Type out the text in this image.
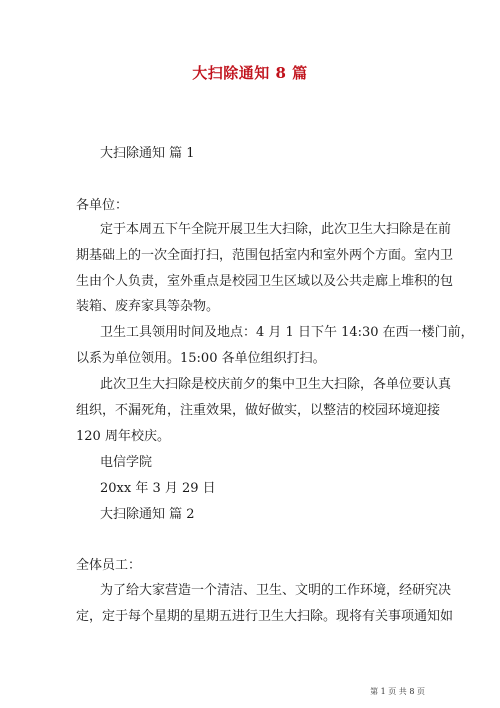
大扫除通知 8 篇
大扫除通知 篇 1
各单位：
定于本周五下午全院开展卫生大扫除，此次卫生大扫除是在前
期基础上的一次全面打扫，范围包括室内和室外两个方面。室内卫
生由个人负责，室外重点是校园卫生区域以及公共走廊上堆积的包
装箱、废弃家具等杂物。
卫生工具领用时间及地点：4 月 1 日下午 14:30 在西一楼门前，
以系为单位领用。15:00 各单位组织打扫。
此次卫生大扫除是校庆前夕的集中卫生大扫除，各单位要认真
组织，不漏死角，注重效果，做好做实，以整洁的校园环境迎接
120 周年校庆。
电信学院
20xx 年 3 月 29 日
大扫除通知 篇 2
全体员工：
为了给大家营造一个清洁、卫生、文明的工作环境，经研究决
定，定于每个星期的星期五进行卫生大扫除。现将有关事项通知如
第 1 页 共 8 页
